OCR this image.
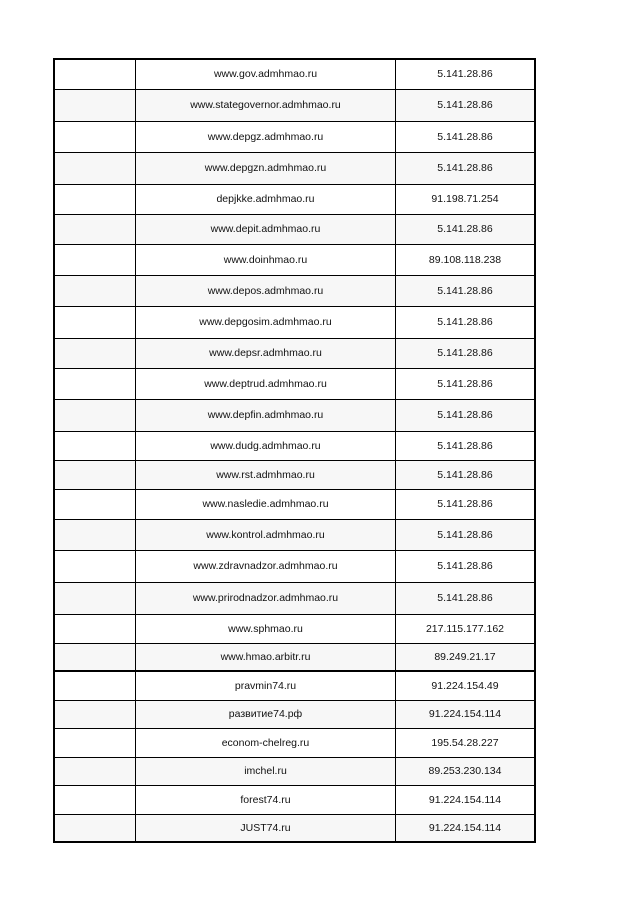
	www.gov.admhmao.ru	5.141.28.86
	www.stategovernor.admhmao.ru	5.141.28.86
	www.depgz.admhmao.ru	5.141.28.86
	www.depgzn.admhmao.ru	5.141.28.86
	depjkke.admhmao.ru	91.198.71.254
	www.depit.admhmao.ru	5.141.28.86
	www.doinhmao.ru	89.108.118.238
	www.depos.admhmao.ru	5.141.28.86
	www.depgosim.admhmao.ru	5.141.28.86
	www.depsr.admhmao.ru	5.141.28.86
	www.deptrud.admhmao.ru	5.141.28.86
	www.depfin.admhmao.ru	5.141.28.86
	www.dudg.admhmao.ru	5.141.28.86
	www.rst.admhmao.ru	5.141.28.86
	www.nasledie.admhmao.ru	5.141.28.86
	www.kontrol.admhmao.ru	5.141.28.86
	www.zdravnadzor.admhmao.ru	5.141.28.86
	www.prirodnadzor.admhmao.ru	5.141.28.86
	www.sphmao.ru	217.115.177.162
	www.hmao.arbitr.ru	89.249.21.17
	pravmin74.ru	91.224.154.49
	развитие74.рф	91.224.154.114
	econom-chelreg.ru	195.54.28.227
	imchel.ru	89.253.230.134
	forest74.ru	91.224.154.114
	JUST74.ru	91.224.154.114
